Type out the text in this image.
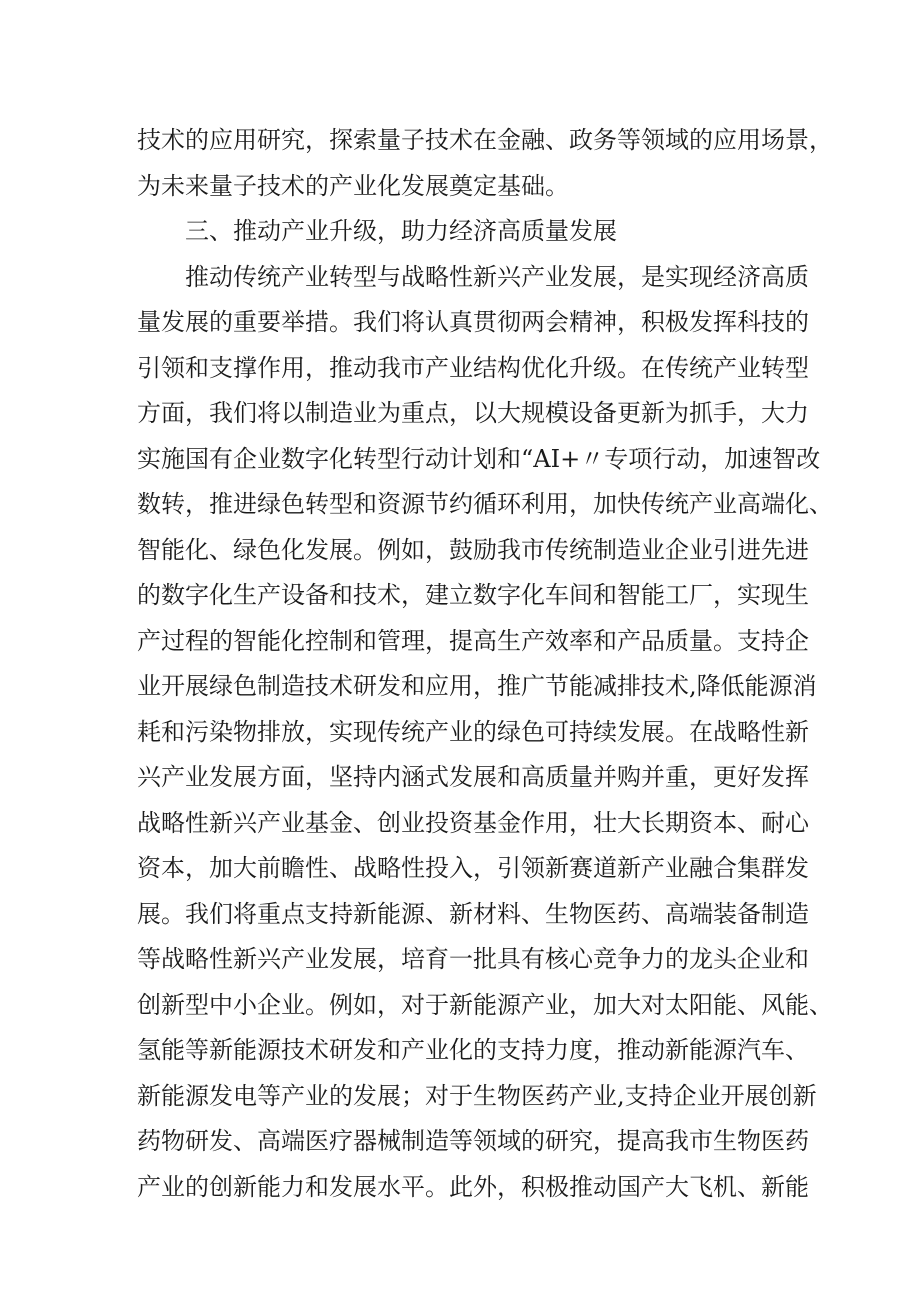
技术的应用研究，探索量子技术在金融、政务等领域的应用场景，
为未来量子技术的产业化发展奠定基础。
三、推动产业升级，助力经济高质量发展
推动传统产业转型与战略性新兴产业发展，是实现经济高质
量发展的重要举措。我们将认真贯彻两会精神，积极发挥科技的
引领和支撑作用，推动我市产业结构优化升级。在传统产业转型
方面，我们将以制造业为重点，以大规模设备更新为抓手，大力
实施国有企业数字化转型行动计划和“AI+〃专项行动，加速智改
数转，推进绿色转型和资源节约循环利用，加快传统产业高端化、
智能化、绿色化发展。例如，鼓励我市传统制造业企业引进先进
的数字化生产设备和技术，建立数字化车间和智能工厂，实现生
产过程的智能化控制和管理，提高生产效率和产品质量。支持企
业开展绿色制造技术研发和应用，推广节能减排技术,降低能源消
耗和污染物排放，实现传统产业的绿色可持续发展。在战略性新
兴产业发展方面，坚持内涵式发展和高质量并购并重，更好发挥
战略性新兴产业基金、创业投资基金作用，壮大长期资本、耐心
资本，加大前瞻性、战略性投入，引领新赛道新产业融合集群发
展。我们将重点支持新能源、新材料、生物医药、高端装备制造
等战略性新兴产业发展，培育一批具有核心竞争力的龙头企业和
创新型中小企业。例如，对于新能源产业，加大对太阳能、风能、
氢能等新能源技术研发和产业化的支持力度，推动新能源汽车、
新能源发电等产业的发展；对于生物医药产业,支持企业开展创新
药物研发、高端医疗器械制造等领域的研究，提高我市生物医药
产业的创新能力和发展水平。此外，积极推动国产大飞机、新能
